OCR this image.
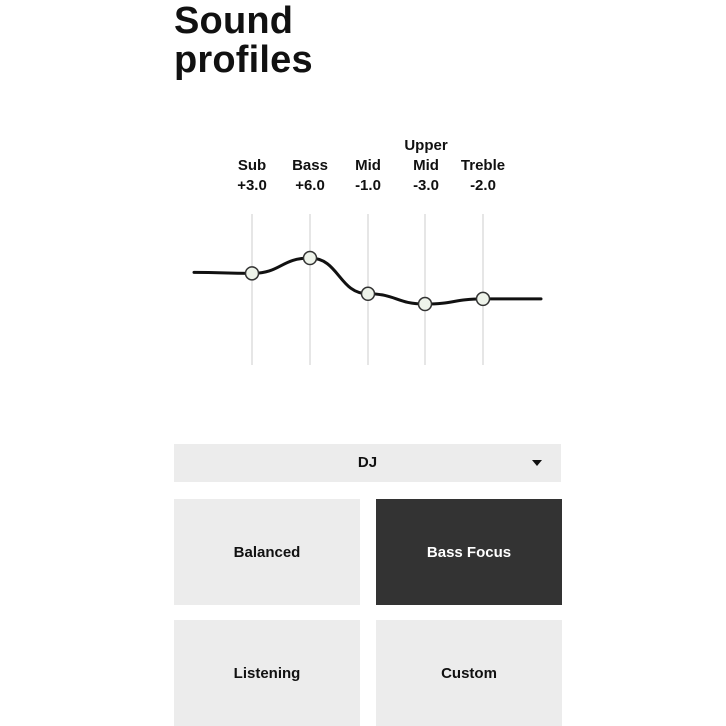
Sound
profiles
Sub
+3.0
Bass
+6.0
Mid
-1.0
Upper
Mid
-3.0
Treble
-2.0
DJ
Balanced	Bass Focus
Listening	Custom
